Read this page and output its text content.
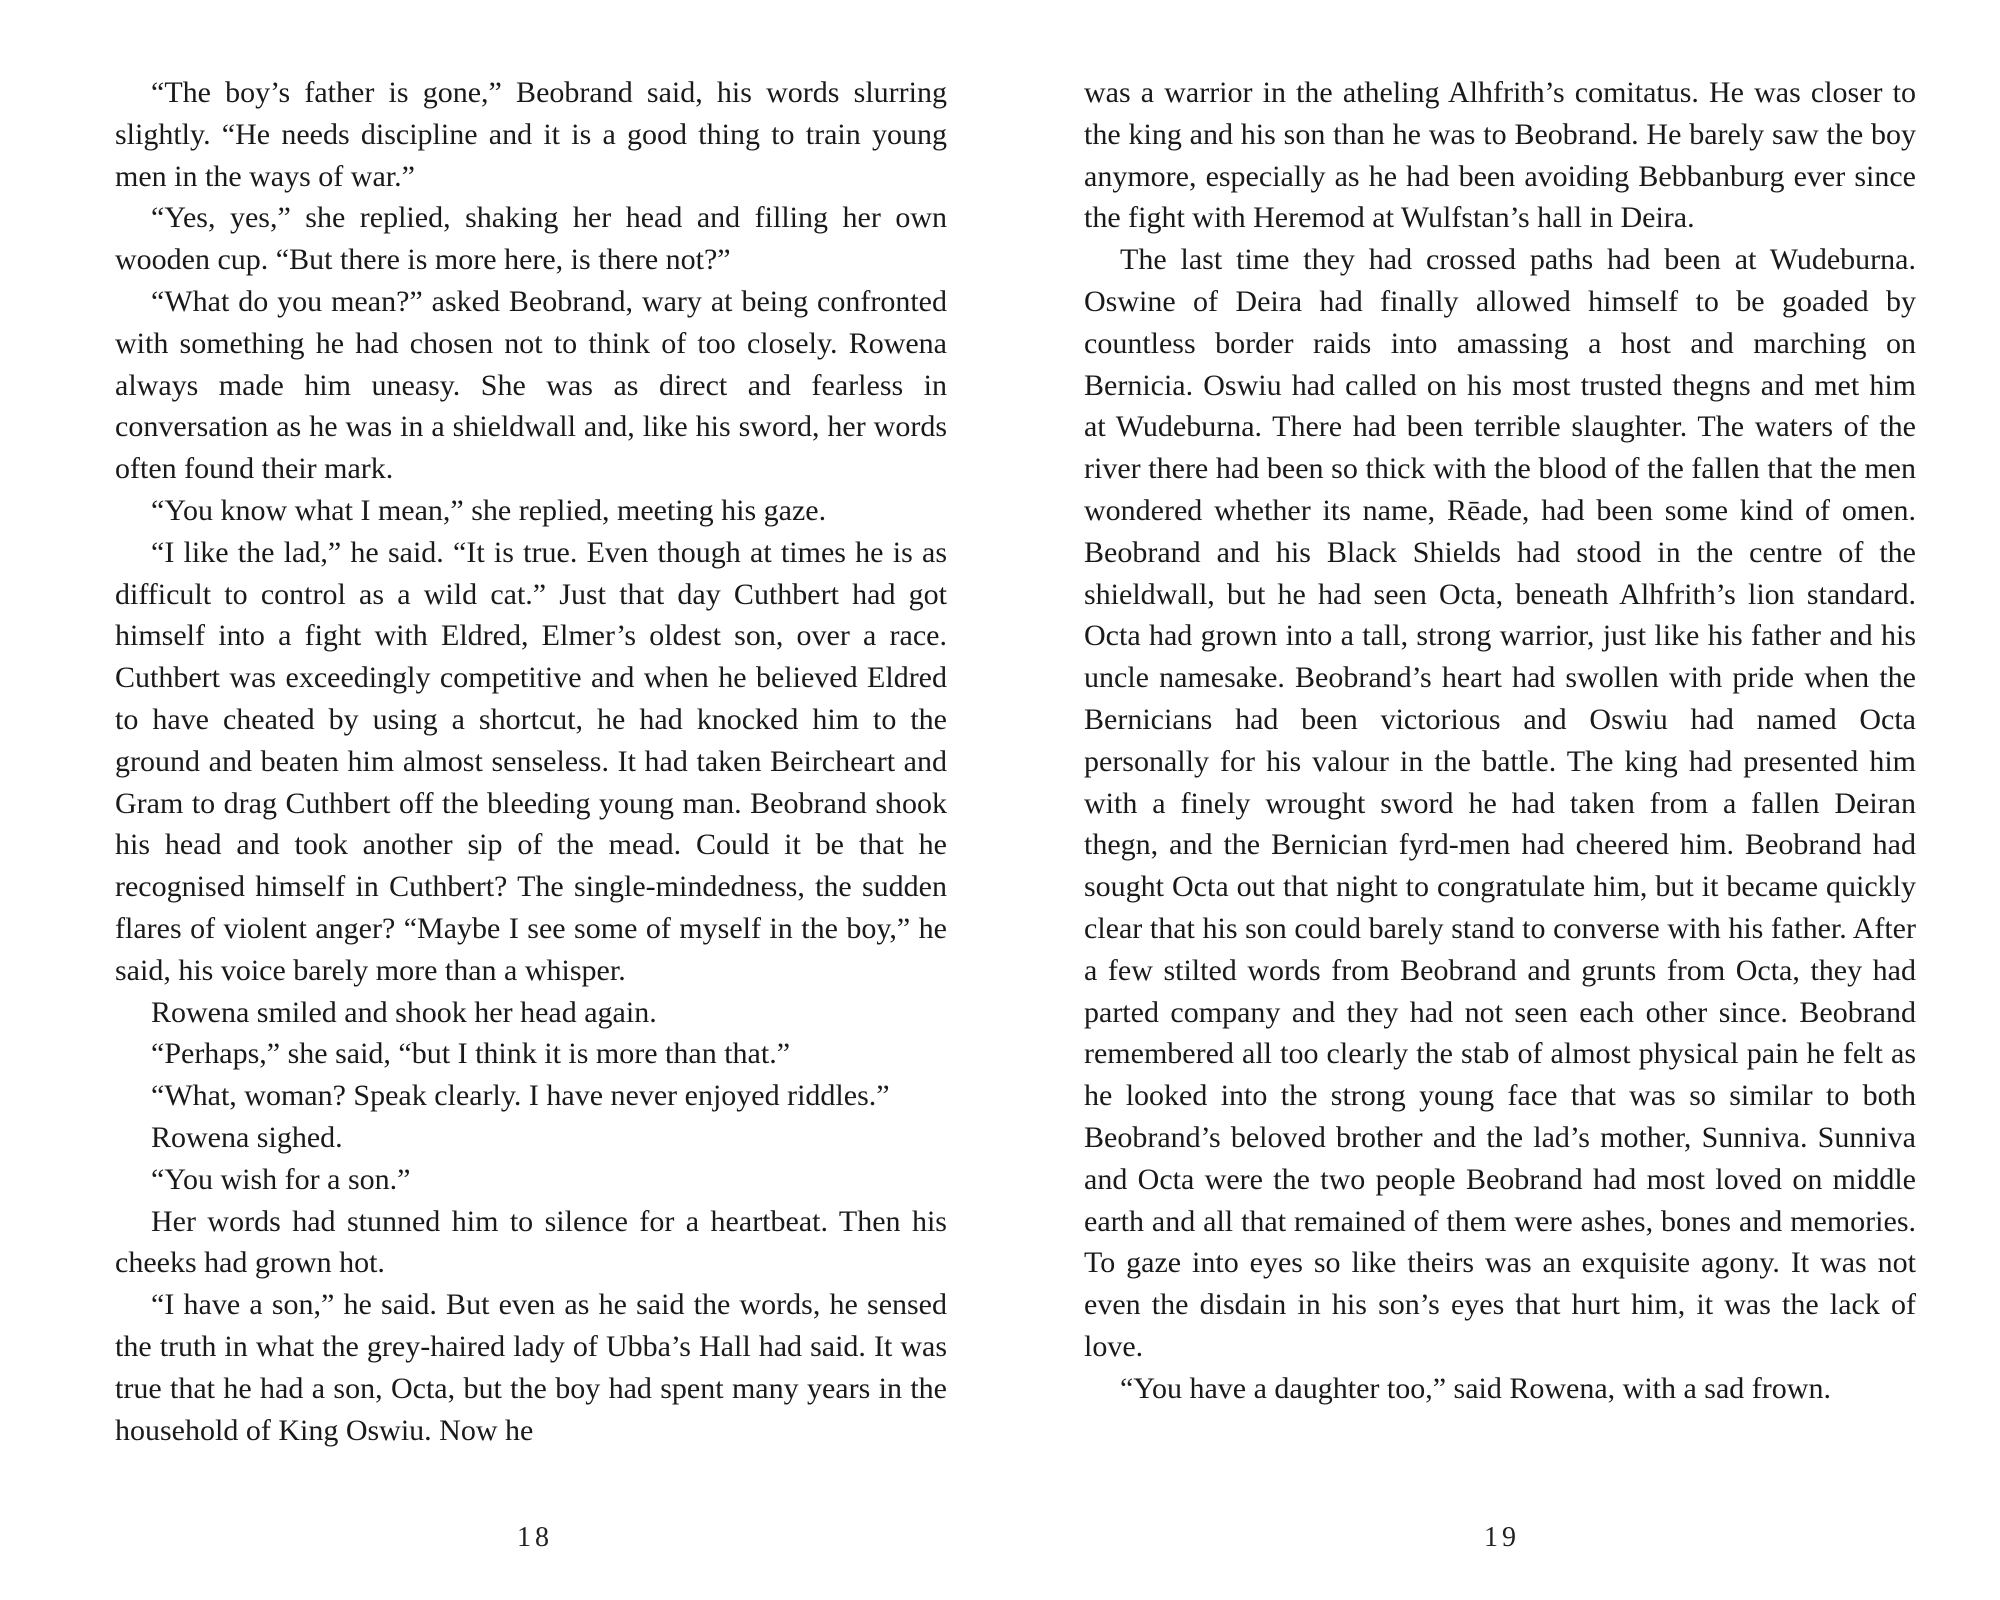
“The boy’s father is gone,” Beobrand said, his words slurring slightly. “He needs discipline and it is a good thing to train young men in the ways of war.”

“Yes, yes,” she replied, shaking her head and filling her own wooden cup. “But there is more here, is there not?”

“What do you mean?” asked Beobrand, wary at being confronted with something he had chosen not to think of too closely. Rowena always made him uneasy. She was as direct and fearless in conversation as he was in a shieldwall and, like his sword, her words often found their mark.

“You know what I mean,” she replied, meeting his gaze.

“I like the lad,” he said. “It is true. Even though at times he is as difficult to control as a wild cat.” Just that day Cuthbert had got himself into a fight with Eldred, Elmer’s oldest son, over a race. Cuthbert was exceedingly competitive and when he believed Eldred to have cheated by using a shortcut, he had knocked him to the ground and beaten him almost senseless. It had taken Beircheart and Gram to drag Cuthbert off the bleeding young man. Beobrand shook his head and took another sip of the mead. Could it be that he recognised himself in Cuthbert? The single-mindedness, the sudden flares of violent anger? “Maybe I see some of myself in the boy,” he said, his voice barely more than a whisper.

Rowena smiled and shook her head again.

“Perhaps,” she said, “but I think it is more than that.”

“What, woman? Speak clearly. I have never enjoyed riddles.”

Rowena sighed.

“You wish for a son.”

Her words had stunned him to silence for a heartbeat. Then his cheeks had grown hot.

“I have a son,” he said. But even as he said the words, he sensed the truth in what the grey-haired lady of Ubba’s Hall had said. It was true that he had a son, Octa, but the boy had spent many years in the household of King Oswiu. Now he

18

was a warrior in the atheling Alhfrith’s comitatus. He was closer to the king and his son than he was to Beobrand. He barely saw the boy anymore, especially as he had been avoiding Bebbanburg ever since the fight with Heremod at Wulfstan’s hall in Deira.

The last time they had crossed paths had been at Wudeburna. Oswine of Deira had finally allowed himself to be goaded by countless border raids into amassing a host and marching on Bernicia. Oswiu had called on his most trusted thegns and met him at Wudeburna. There had been terrible slaughter. The waters of the river there had been so thick with the blood of the fallen that the men wondered whether its name, Rēade, had been some kind of omen. Beobrand and his Black Shields had stood in the centre of the shieldwall, but he had seen Octa, beneath Alhfrith’s lion standard. Octa had grown into a tall, strong warrior, just like his father and his uncle namesake. Beobrand’s heart had swollen with pride when the Bernicians had been victorious and Oswiu had named Octa personally for his valour in the battle. The king had presented him with a finely wrought sword he had taken from a fallen Deiran thegn, and the Bernician fyrd-men had cheered him. Beobrand had sought Octa out that night to congratulate him, but it became quickly clear that his son could barely stand to converse with his father. After a few stilted words from Beobrand and grunts from Octa, they had parted company and they had not seen each other since. Beobrand remembered all too clearly the stab of almost physical pain he felt as he looked into the strong young face that was so similar to both Beobrand’s beloved brother and the lad’s mother, Sunniva. Sunniva and Octa were the two people Beobrand had most loved on middle earth and all that remained of them were ashes, bones and memories. To gaze into eyes so like theirs was an exquisite agony. It was not even the disdain in his son’s eyes that hurt him, it was the lack of love.

“You have a daughter too,” said Rowena, with a sad frown.

19
